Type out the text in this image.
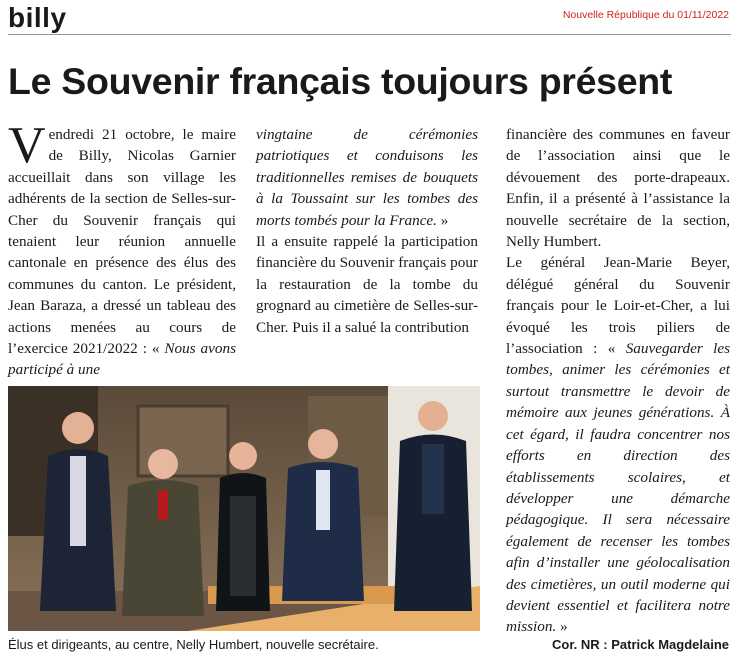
billy	Nouvelle République du 01/11/2022
Le Souvenir français toujours présent

Vendredi 21 octobre, le maire de Billy, Nicolas Garnier accueillait dans son village les adhérents de la section de Selles-sur-Cher du Souvenir français qui tenaient leur réunion annuelle cantonale en présence des élus des communes du canton. Le président, Jean Baraza, a dressé un tableau des actions menées au cours de l’exercice 2021/2022 : « Nous avons participé à une

vingtaine de cérémonies patriotiques et conduisons les traditionnelles remises de bouquets à la Toussaint sur les tombes des morts tombés pour la France. »

Il a ensuite rappelé la participation financière du Souvenir français pour la restauration de la tombe du grognard au cimetière de Selles-sur-Cher. Puis il a salué la contribution

financière des communes en faveur de l’association ainsi que le dévouement des porte-drapeaux. Enfin, il a présenté à l’assistance la nouvelle secrétaire de la section, Nelly Humbert.

Le général Jean-Marie Beyer, délégué général du Souvenir français pour le Loir-et-Cher, a lui évoqué les trois piliers de l’association : « Sauvegarder les tombes, animer les cérémonies et surtout transmettre le devoir de mémoire aux jeunes générations. À cet égard, il faudra concentrer nos efforts en direction des établissements scolaires, et développer une démarche pédagogique. Il sera nécessaire également de recenser les tombes afin d’installer une géolocalisation des cimetières, un outil moderne qui devient essentiel et facilitera notre mission. »

Élus et dirigeants, au centre, Nelly Humbert, nouvelle secrétaire.	Cor. NR : Patrick Magdelaine
